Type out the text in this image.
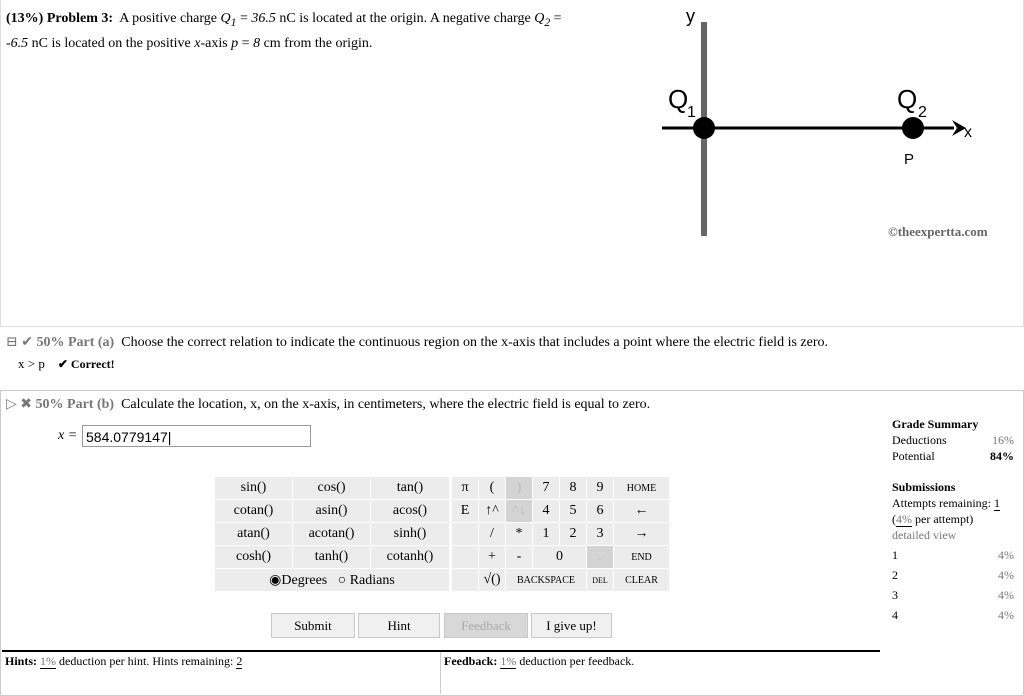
(13%) Problem 3: A positive charge $Q_1 = 36.5$ nC is located at the origin. A negative charge $Q_2$ =
-6.5 nC is located on the positive x-axis p = 8 cm from the origin.
y
x
Q
1	Q 2
P
©theexpertta.com
⊟ ✔ 50% Part (a) Choose the correct relation to indicate the continuous region on the x-axis that includes a point where the electric field is zero.
x > p ✔ Correct!
▷ ✖ 50% Part (b) Calculate the location, x, on the x-axis, in centimeters, where the electric field is equal to zero.
x = 584.0779147|
sin()	cos()	tan()
cotan()	asin()	acos()
atan()	acotan()	sinh()
cosh()	tanh()	cotanh()
◉Degrees ○ Radians		
π	(	)	7	8	9	HOME
E	↑^	^↓	4	5	6	←
	/	*	1	2	3	→
	+	-	0		.	END
	√()	BACKSPACE			DEL	CLEAR
Submit	Hint	Feedback	I give up!
Grade Summary
Deductions	16%
Potential	84%
Submissions
Attempts remaining: 1
(4% per attempt)
detailed view
1	4%
2	4%
3	4%
4	4%
Hints: 1% deduction per hint. Hints remaining: 2	Feedback: 1% deduction per feedback.
